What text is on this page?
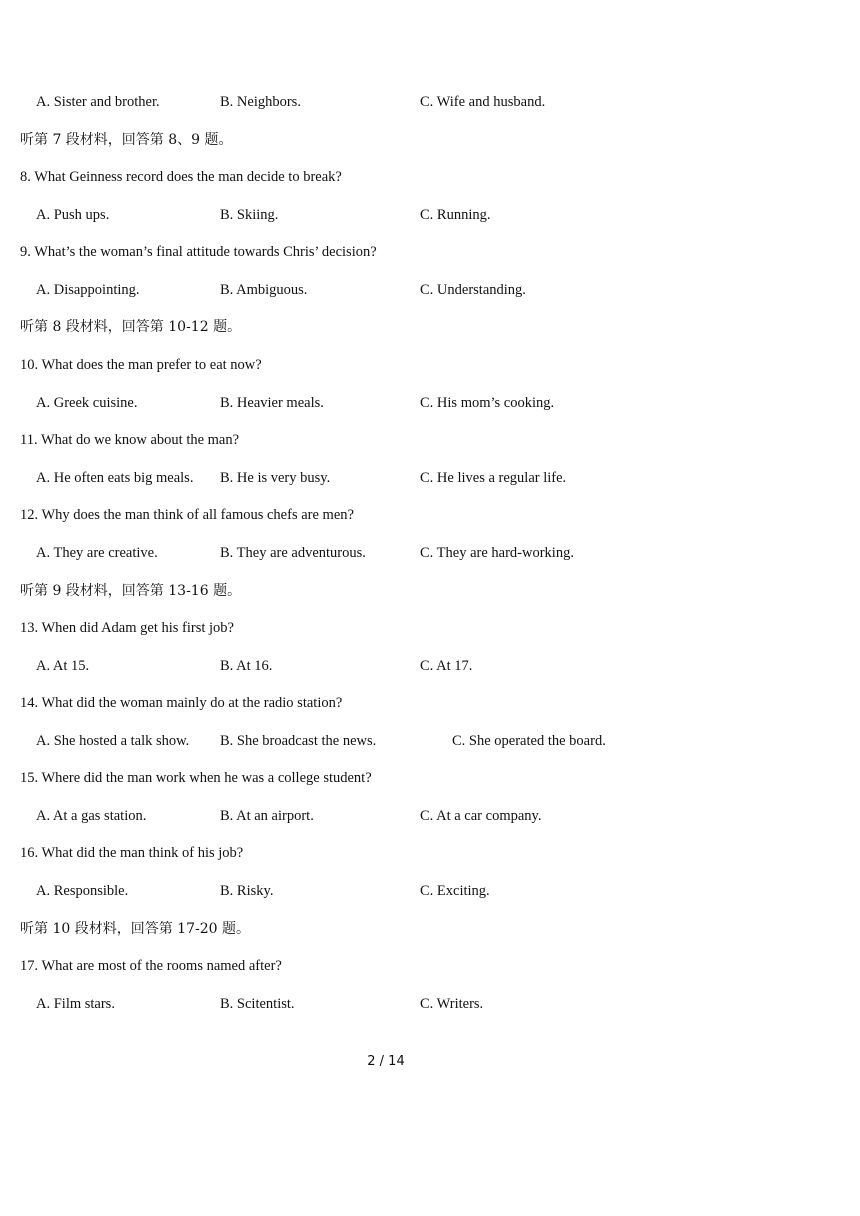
A. Sister and brother.	B. Neighbors.	C. Wife and husband.
听第 7 段材料，回答第 8、9 题。
8. What Geinness record does the man decide to break?
A. Push ups.	B. Skiing.	C. Running.
9. What’s the woman’s final attitude towards Chris’ decision?
A. Disappointing.	B. Ambiguous.	C. Understanding.
听第 8 段材料，回答第 10-12 题。
10. What does the man prefer to eat now?
A. Greek cuisine.	B. Heavier meals.	C. His mom’s cooking.
11. What do we know about the man?
A. He often eats big meals. B. He is very busy.	C. He lives a regular life.
12. Why does the man think of all famous chefs are men?
A. They are creative.	B. They are adventurous.	C. They are hard-working.
听第 9 段材料，回答第 13-16 题。
13. When did Adam get his first job?
A. At 15.	B. At 16.	C. At 17.
14. What did the woman mainly do at the radio station?
A. She hosted a talk show. B. She broadcast the news.	C. She operated the board.
15. Where did the man work when he was a college student?
A. At a gas station.	B. At an airport.	C. At a car company.
16. What did the man think of his job?
A. Responsible.	B. Risky.	C. Exciting.
听第 10 段材料，回答第 17-20 题。
17. What are most of the rooms named after?
A. Film stars.	B. Scitentist.	C. Writers.
2 / 14
